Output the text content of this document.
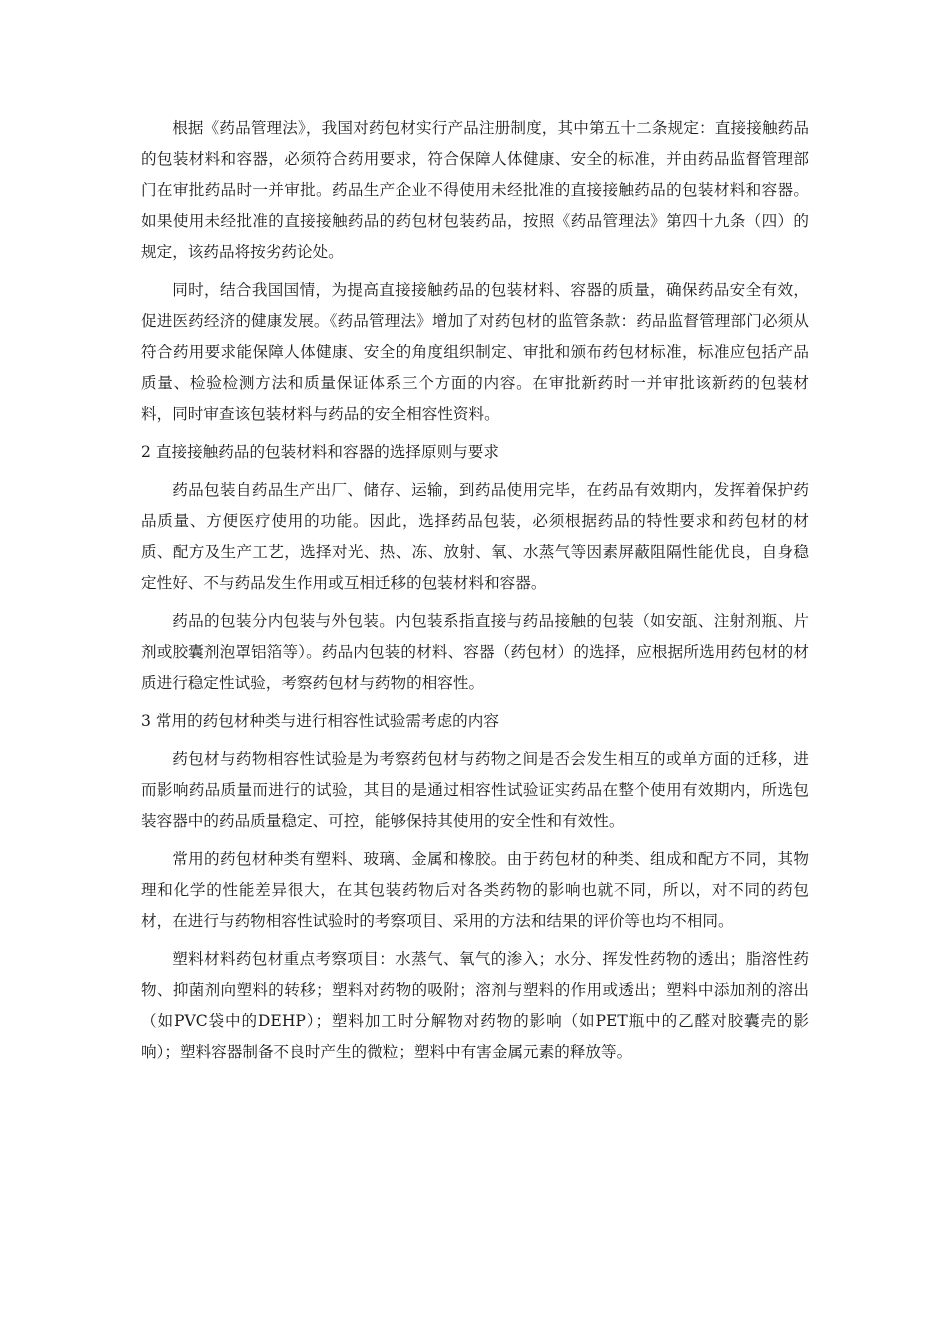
根据《药品管理法》，我国对药包材实行产品注册制度，其中第五十二条规定：直接接触药品的包装材料和容器，必须符合药用要求，符合保障人体健康、安全的标准，并由药品监督管理部门在审批药品时一并审批。药品生产企业不得使用未经批准的直接接触药品的包装材料和容器。如果使用未经批准的直接接触药品的药包材包装药品，按照《药品管理法》第四十九条（四）的规定，该药品将按劣药论处。

同时，结合我国国情，为提高直接接触药品的包装材料、容器的质量，确保药品安全有效，促进医药经济的健康发展。《药品管理法》增加了对药包材的监管条款：药品监督管理部门必须从符合药用要求能保障人体健康、安全的角度组织制定、审批和颁布药包材标准，标准应包括产品质量、检验检测方法和质量保证体系三个方面的内容。在审批新药时一并审批该新药的包装材料，同时审查该包装材料与药品的安全相容性资料。

2 直接接触药品的包装材料和容器的选择原则与要求

药品包装自药品生产出厂、储存、运输，到药品使用完毕，在药品有效期内，发挥着保护药品质量、方便医疗使用的功能。因此，选择药品包装，必须根据药品的特性要求和药包材的材质、配方及生产工艺，选择对光、热、冻、放射、氧、水蒸气等因素屏蔽阻隔性能优良，自身稳定性好、不与药品发生作用或互相迁移的包装材料和容器。

药品的包装分内包装与外包装。内包装系指直接与药品接触的包装（如安瓿、注射剂瓶、片剂或胶囊剂泡罩铝箔等）。药品内包装的材料、容器（药包材）的选择，应根据所选用药包材的材质进行稳定性试验，考察药包材与药物的相容性。

3 常用的药包材种类与进行相容性试验需考虑的内容

药包材与药物相容性试验是为考察药包材与药物之间是否会发生相互的或单方面的迁移，进而影响药品质量而进行的试验，其目的是通过相容性试验证实药品在整个使用有效期内，所选包装容器中的药品质量稳定、可控，能够保持其使用的安全性和有效性。

常用的药包材种类有塑料、玻璃、金属和橡胶。由于药包材的种类、组成和配方不同，其物理和化学的性能差异很大，在其包装药物后对各类药物的影响也就不同，所以，对不同的药包材，在进行与药物相容性试验时的考察项目、采用的方法和结果的评价等也均不相同。

塑料材料药包材重点考察项目：水蒸气、氧气的渗入；水分、挥发性药物的透出；脂溶性药物、抑菌剂向塑料的转移；塑料对药物的吸附；溶剂与塑料的作用或透出；塑料中添加剂的溶出（如PVC袋中的DEHP）；塑料加工时分解物对药物的影响（如PET瓶中的乙醛对胶囊壳的影响）；塑料容器制备不良时产生的微粒；塑料中有害金属元素的释放等。
